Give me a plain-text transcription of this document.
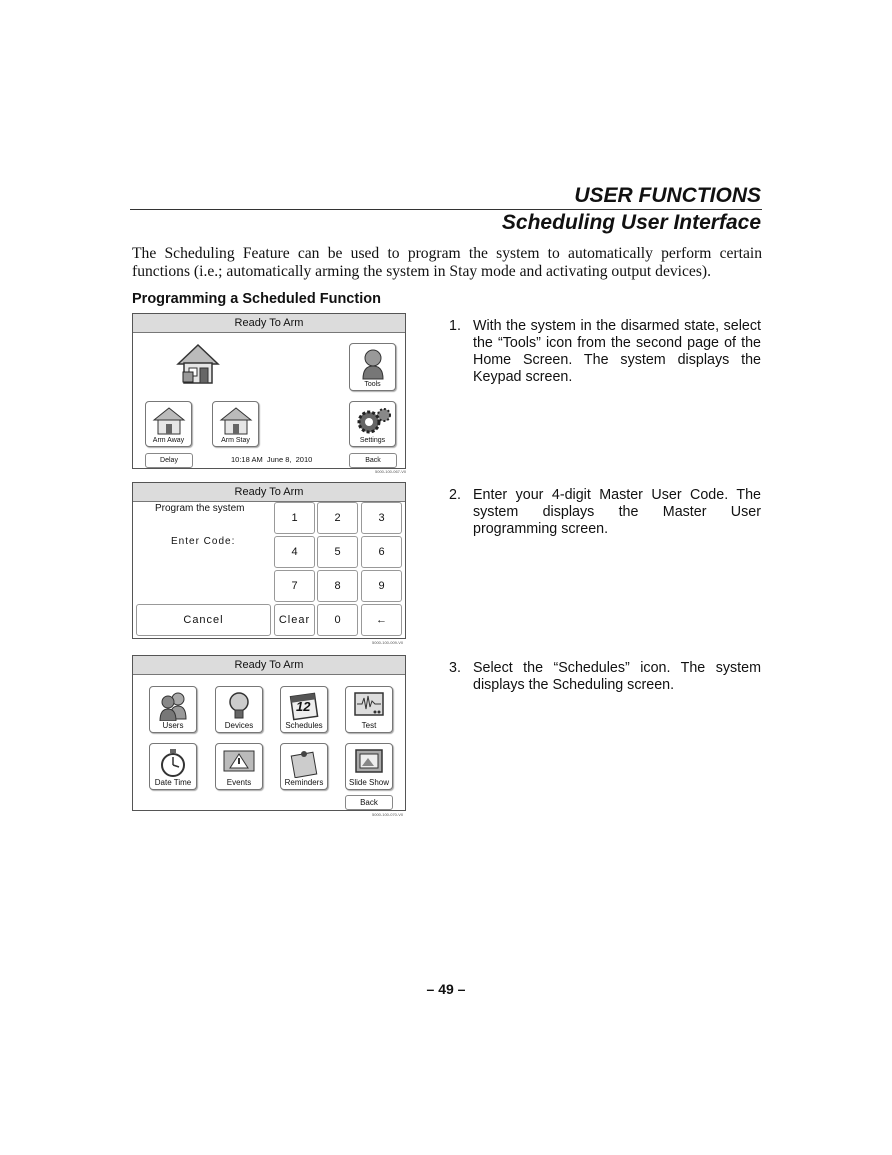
USER FUNCTIONS
Scheduling User Interface
The Scheduling Feature can be used to program the system to automatically perform certain functions (i.e.; automatically arming the system in Stay mode and activating output devices).
Programming a Scheduled Function
Ready To Arm
Tools
Arm Away	Arm Stay	Settings
Delay	10:18 AM  June 8,  2010	Back
5000-100-067-V0
Ready To Arm
Program the system
Enter Code:
1	2	3
4	5	6
7	8	9
Cancel	Clear	0	←
5000-100-009-V0
Ready To Arm
Users	Devices
12
Schedules	Test
Date Time	Events	Reminders	Slide Show
Back
5000-100-070-V0
1. With the system in the disarmed state, select the “Tools” icon from the second page of the Home Screen. The system displays the Keypad screen.
2. Enter your 4-digit Master User Code. The system displays the Master User programming screen.
3. Select the “Schedules” icon. The system displays the Scheduling screen.
– 49 –
